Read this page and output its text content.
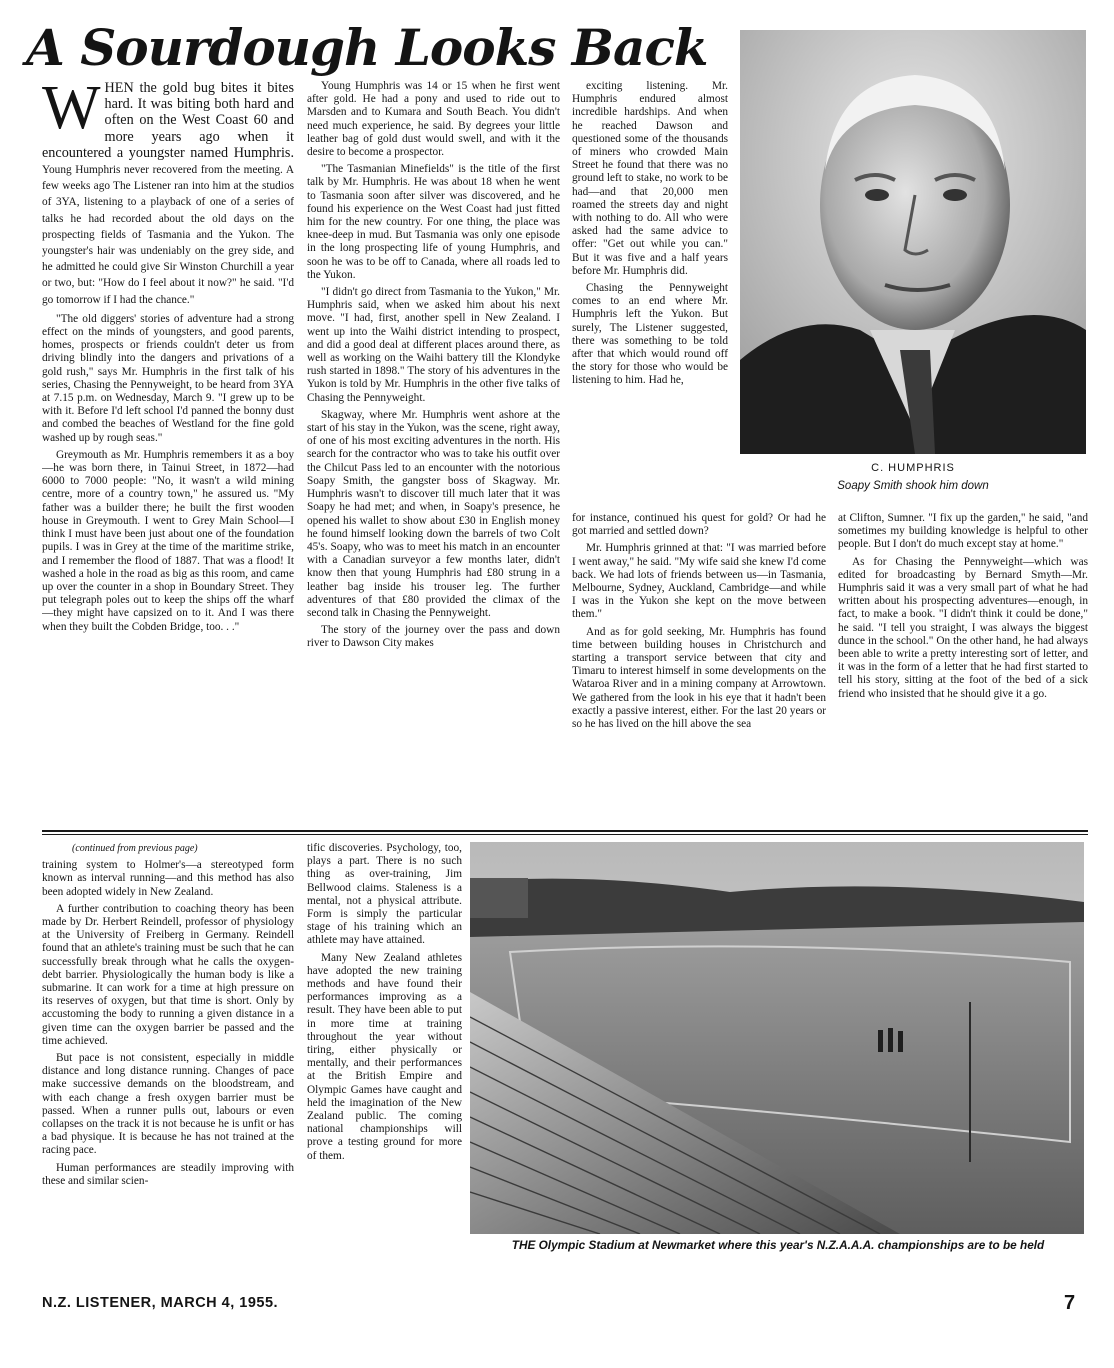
A Sourdough Looks Back
WHEN the gold bug bites it bites hard. It was biting both hard and often on the West Coast 60 and more years ago when it encountered a youngster named Humphris. Young Humphris never recovered from the meeting. A few weeks ago The Listener ran into him at the studios of 3YA, listening to a playback of one of a series of talks he had recorded about the old days on the prospecting fields of Tasmania and the Yukon. The youngster's hair was undeniably on the grey side, and he admitted he could give Sir Winston Churchill a year or two, but: "How do I feel about it now?" he said. "I'd go tomorrow if I had the chance."

"The old diggers' stories of adventure had a strong effect on the minds of youngsters, and good parents, homes, prospects or friends couldn't deter us from driving blindly into the dangers and privations of a gold rush," says Mr. Humphris in the first talk of his series, Chasing the Pennyweight, to be heard from 3YA at 7.15 p.m. on Wednesday, March 9. "I grew up to be with it. Before I'd left school I'd panned the bonny dust and combed the beaches of Westland for the fine gold washed up by rough seas."

Greymouth as Mr. Humphris remembers it as a boy—he was born there, in Tainui Street, in 1872—had 6000 to 7000 people: "No, it wasn't a wild mining centre, more of a country town," he assured us. "My father was a builder there; he built the first wooden house in Greymouth. I went to Grey Main School—I think I must have been just about one of the foundation pupils. I was in Grey at the time of the maritime strike, and I remember the flood of 1887. That was a flood! It washed a hole in the road as big as this room, and came up over the counter in a shop in Boundary Street. They put telegraph poles out to keep the ships off the wharf—they might have capsized on to it. And I was there when they built the Cobden Bridge, too. . ."

Young Humphris was 14 or 15 when he first went after gold. He had a pony and used to ride out to Marsden and to Kumara and South Beach. You didn't need much experience, he said. By degrees your little leather bag of gold dust would swell, and with it the desire to become a prospector.

"The Tasmanian Minefields" is the title of the first talk by Mr. Humphris. He was about 18 when he went to Tasmania soon after silver was discovered, and he found his experience on the West Coast had just fitted him for the new country. For one thing, the place was knee-deep in mud. But Tasmania was only one episode in the long prospecting life of young Humphris, and soon he was to be off to Canada, where all roads led to the Yukon.

"I didn't go direct from Tasmania to the Yukon," Mr. Humphris said, when we asked him about his next move. "I had, first, another spell in New Zealand. I went up into the Waihi district intending to prospect, and did a good deal at different places around there, as well as working on the Waihi battery till the Klondyke rush started in 1898." The story of his adventures in the Yukon is told by Mr. Humphris in the other five talks of Chasing the Pennyweight.

Skagway, where Mr. Humphris went ashore at the start of his stay in the Yukon, was the scene, right away, of one of his most exciting adventures in the north. His search for the contractor who was to take his outfit over the Chilcut Pass led to an encounter with the notorious Soapy Smith, the gangster boss of Skagway. Mr. Humphris wasn't to discover till much later that it was Soapy he had met; and when, in Soapy's presence, he opened his wallet to show about £30 in English money he found himself looking down the barrels of two Colt 45's. Soapy, who was to meet his match in an encounter with a Canadian surveyor a few months later, didn't know then that young Humphris had £80 strung in a leather bag inside his trouser leg. The further adventures of that £80 provided the climax of the second talk in Chasing the Pennyweight.

The story of the journey over the pass and down river to Dawson City makes

exciting listening. Mr. Humphris endured almost incredible hardships. And when he reached Dawson and questioned some of the thousands of miners who crowded Main Street he found that there was no ground left to stake, no work to be had—and that 20,000 men roamed the streets day and night with nothing to do. All who were asked had the same advice to offer: "Get out while you can." But it was five and a half years before Mr. Humphris did.

Chasing the Pennyweight comes to an end where Mr. Humphris left the Yukon. But surely, The Listener suggested, there was something to be told after that which would round off the story for those who would be listening to him. Had he,

C. HUMPHRIS
Soapy Smith shook him down

for instance, continued his quest for gold? Or had he got married and settled down?

Mr. Humphris grinned at that: "I was married before I went away," he said. "My wife said she knew I'd come back. We had lots of friends between us—in Tasmania, Melbourne, Sydney, Auckland, Cambridge—and while I was in the Yukon she kept on the move between them."

And as for gold seeking, Mr. Humphris has found time between building houses in Christchurch and starting a transport service between that city and Timaru to interest himself in some developments on the Wataroa River and in a mining company at Arrowtown. We gathered from the look in his eye that it hadn't been exactly a passive interest, either. For the last 20 years or so he has lived on the hill above the sea

at Clifton, Sumner. "I fix up the garden," he said, "and sometimes my building knowledge is helpful to other people. But I don't do much except stay at home."

As for Chasing the Pennyweight—which was edited for broadcasting by Bernard Smyth—Mr. Humphris said it was a very small part of what he had written about his prospecting adventures—enough, in fact, to make a book. "I didn't think it could be done," he said. "I tell you straight, I was always the biggest dunce in the school." On the other hand, he had always been able to write a pretty interesting sort of letter, and it was in the form of a letter that he had first started to tell his story, sitting at the foot of the bed of a sick friend who insisted that he should give it a go.

(continued from previous page)

training system to Holmer's—a stereotyped form known as interval running—and this method has also been adopted widely in New Zealand.

A further contribution to coaching theory has been made by Dr. Herbert Reindell, professor of physiology at the University of Freiberg in Germany. Reindell found that an athlete's training must be such that he can successfully break through what he calls the oxygen-debt barrier. Physiologically the human body is like a submarine. It can work for a time at high pressure on its reserves of oxygen, but that time is short. Only by accustoming the body to running a given distance in a given time can the oxygen barrier be passed and the time achieved.

But pace is not consistent, especially in middle distance and long distance running. Changes of pace make successive demands on the bloodstream, and with each change a fresh oxygen barrier must be passed. When a runner pulls out, labours or even collapses on the track it is not because he is unfit or has a bad physique. It is because he has not trained at the racing pace.

Human performances are steadily improving with these and similar scien-

tific discoveries. Psychology, too, plays a part. There is no such thing as over-training, Jim Bellwood claims. Staleness is a mental, not a physical attribute. Form is simply the particular stage of his training which an athlete may have attained.

Many New Zealand athletes have adopted the new training methods and have found their performances improving as a result. They have been able to put in more time at training throughout the year without tiring, either physically or mentally, and their performances at the British Empire and Olympic Games have caught and held the imagination of the New Zealand public. The coming national championships will prove a testing ground for more of them.

THE Olympic Stadium at Newmarket where this year's N.Z.A.A.A. championships are to be held
N.Z. LISTENER, MARCH 4, 1955.	7
